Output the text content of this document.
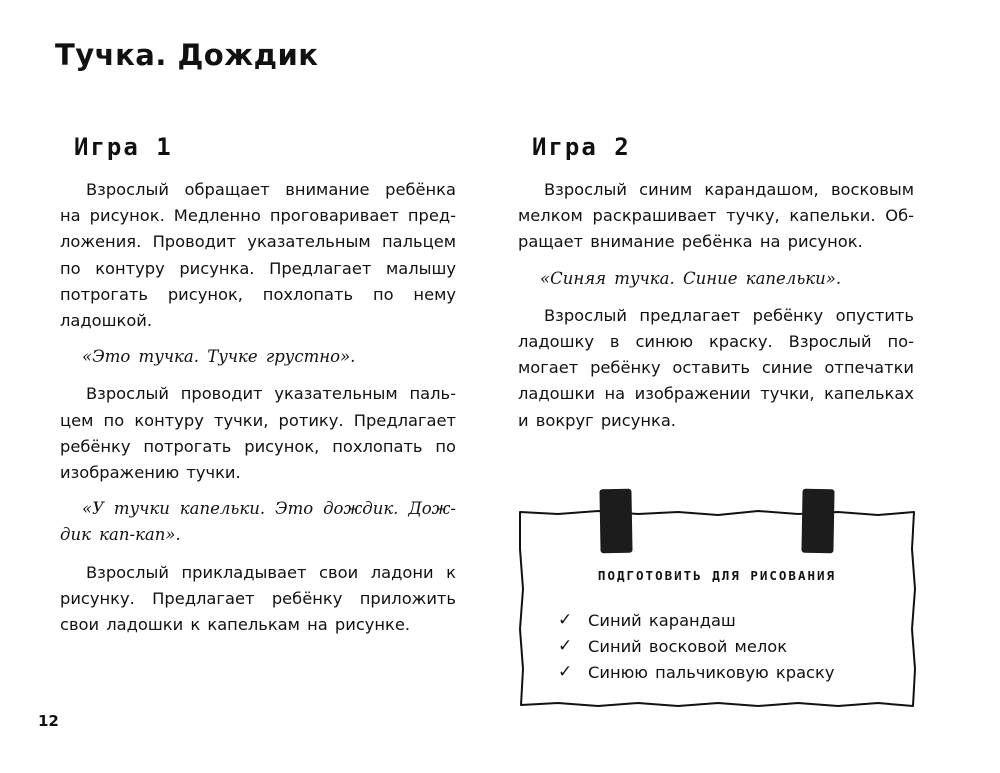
Тучка. Дождик
Игра 1

Взрослый обращает внимание ребёнка на рисунок. Медленно проговаривает предложения. Проводит указательным пальцем по контуру рисунка. Предлагает малышу потрогать рисунок, похлопать по нему ладошкой.

«Это тучка. Тучке грустно».

Взрослый проводит указательным пальцем по контуру тучки, ротику. Предлагает ребёнку потрогать рисунок, похлопать по изображению тучки.

«У тучки капельки. Это дождик. Дождик кап-кап».

Взрослый прикладывает свои ладони к рисунку. Предлагает ребёнку приложить свои ладошки к капелькам на рисунке.

Игра 2

Взрослый синим карандашом, восковым мелком раскрашивает тучку, капельки. Обращает внимание ребёнка на рисунок.

«Синяя тучка. Синие капельки».

Взрослый предлагает ребёнку опустить ладошку в синюю краску. Взрослый помогает ребёнку оставить синие отпечатки ладошки на изображении тучки, капельках и вокруг рисунка.

ПОДГОТОВИТЬ ДЛЯ РИСОВАНИЯ
✓ Синий карандаш
✓ Синий восковой мелок
✓ Синюю пальчиковую краску

12
